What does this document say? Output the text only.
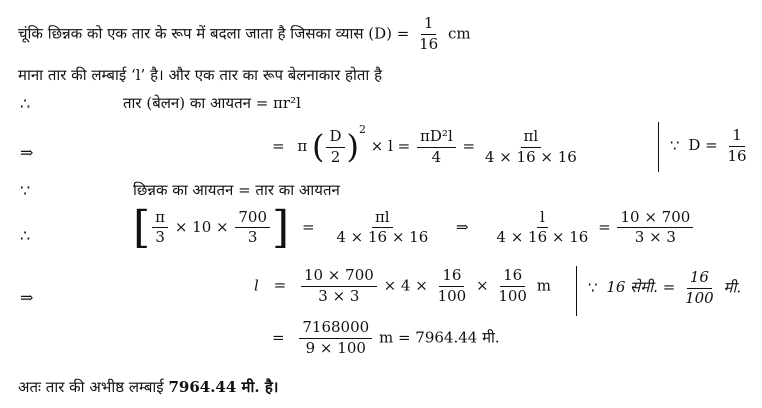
चूंकि छिन्नक को एक तार के रूप में बदला जाता है जिसका व्यास $(D) = \frac{1}{16}$ cm
माना तार की लम्बाई ‘l’ है। और एक तार का रूप बेलनाकार होता है
∴	तार (बेलन) का आयतन = πr²l
⇒	= π ( $\frac{D}{2} )^2 \times l = \frac{\text{πD²l}}{4} = \frac{\pi l}{4 \times 16 \times 16}$	∵ $D = \frac{1}{16}$
∵	छिन्नक का आयतन = तार का आयतन
∴ [ $\frac{\pi}{3} \times 10 \times \frac{700}{3}$ ] = $\frac{\pi l}{4 \times 16 \times 16}$ ⇒ $\frac{l}{4 \times 16 \times 16} = \frac{10 \times 700}{3 \times 3}$
⇒
$l = \frac{10 \times 700}{3 \times 3} \times 4 \times \frac{16}{100} \times \frac{16}{100}$ m ∵ 16 सेमी. = $\frac{16}{100}$ मी.
= $\frac{7168000}{9 \times 100}$ m = 7964.44 मी.
अतः तार की अभीष्ठ लम्बाई 7964.44 मी. है।
